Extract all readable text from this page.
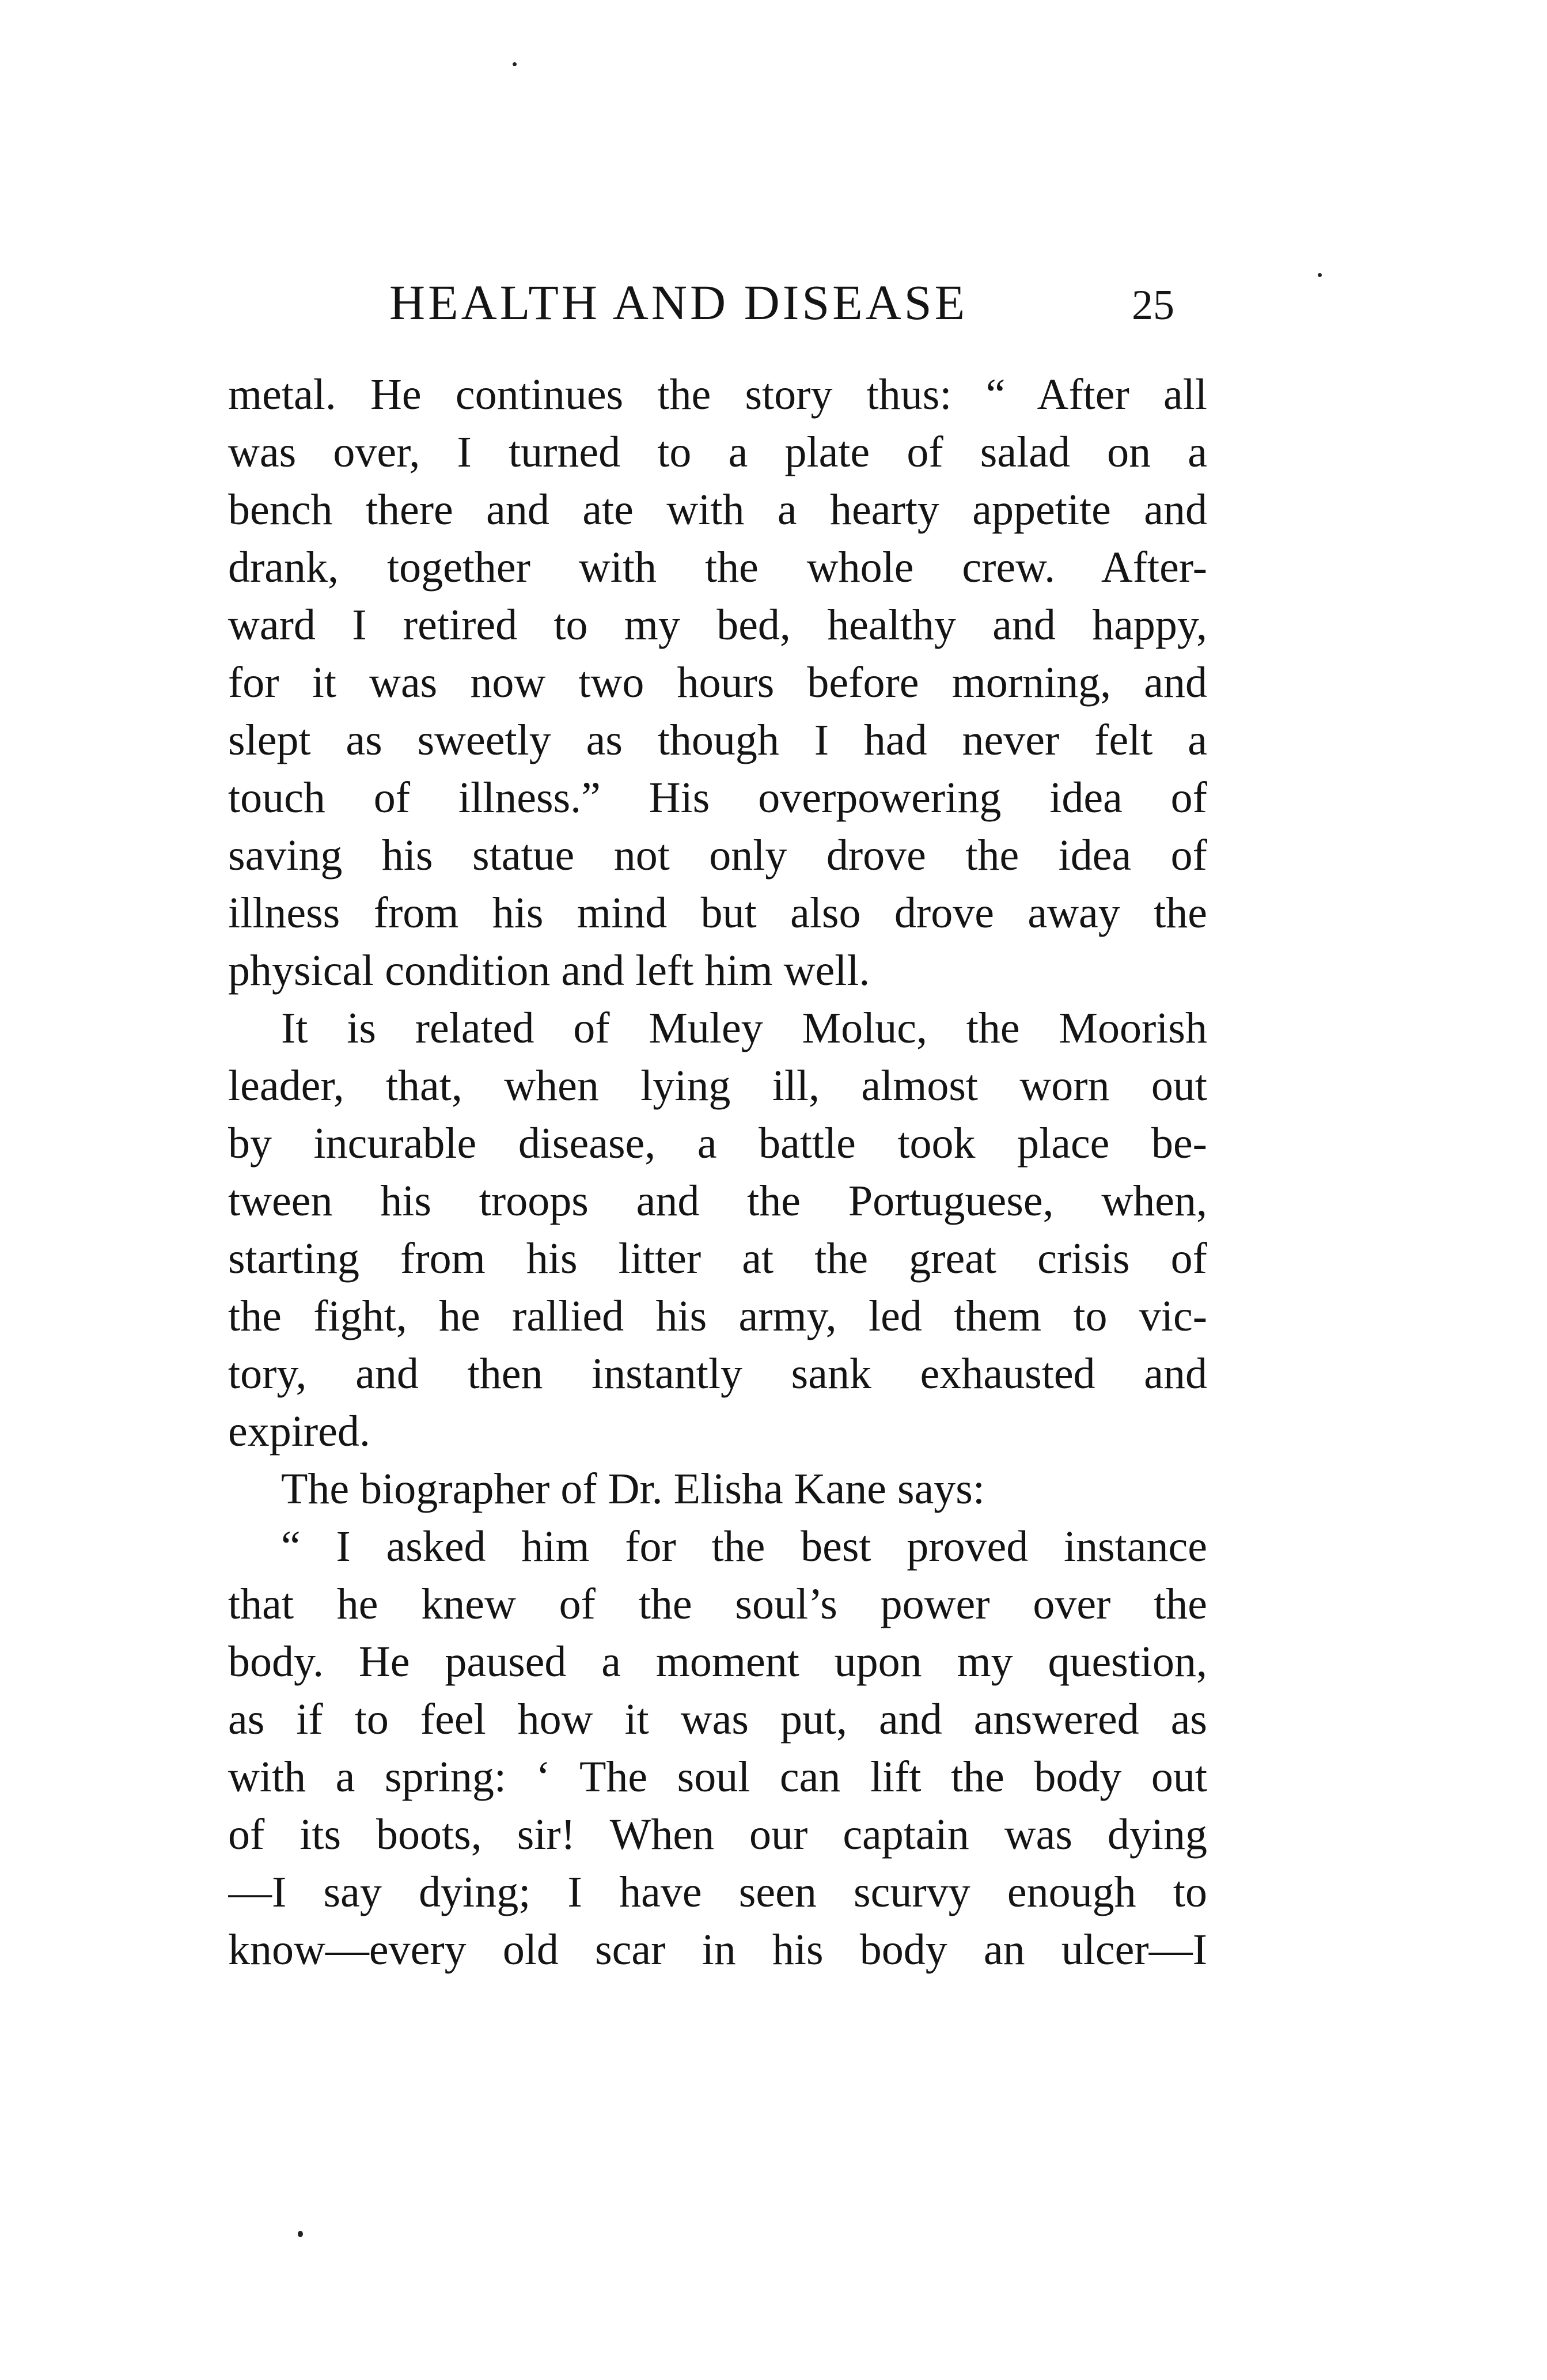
HEALTH AND DISEASE	25
metal. He continues the story thus: “ After all
was over, I turned to a plate of salad on a
bench there and ate with a hearty appetite and
drank, together with the whole crew. After-
ward I retired to my bed, healthy and happy,
for it was now two hours before morning, and
slept as sweetly as though I had never felt a
touch of illness.” His overpowering idea of
saving his statue not only drove the idea of
illness from his mind but also drove away the
physical condition and left him well.
It is related of Muley Moluc, the Moorish
leader, that, when lying ill, almost worn out
by incurable disease, a battle took place be-
tween his troops and the Portuguese, when,
starting from his litter at the great crisis of
the fight, he rallied his army, led them to vic-
tory, and then instantly sank exhausted and
expired.
The biographer of Dr. Elisha Kane says:
“ I asked him for the best proved instance
that he knew of the soul’s power over the
body. He paused a moment upon my question,
as if to feel how it was put, and answered as
with a spring: ‘ The soul can lift the body out
of its boots, sir! When our captain was dying
—I say dying; I have seen scurvy enough to
know—every old scar in his body an ulcer—I
